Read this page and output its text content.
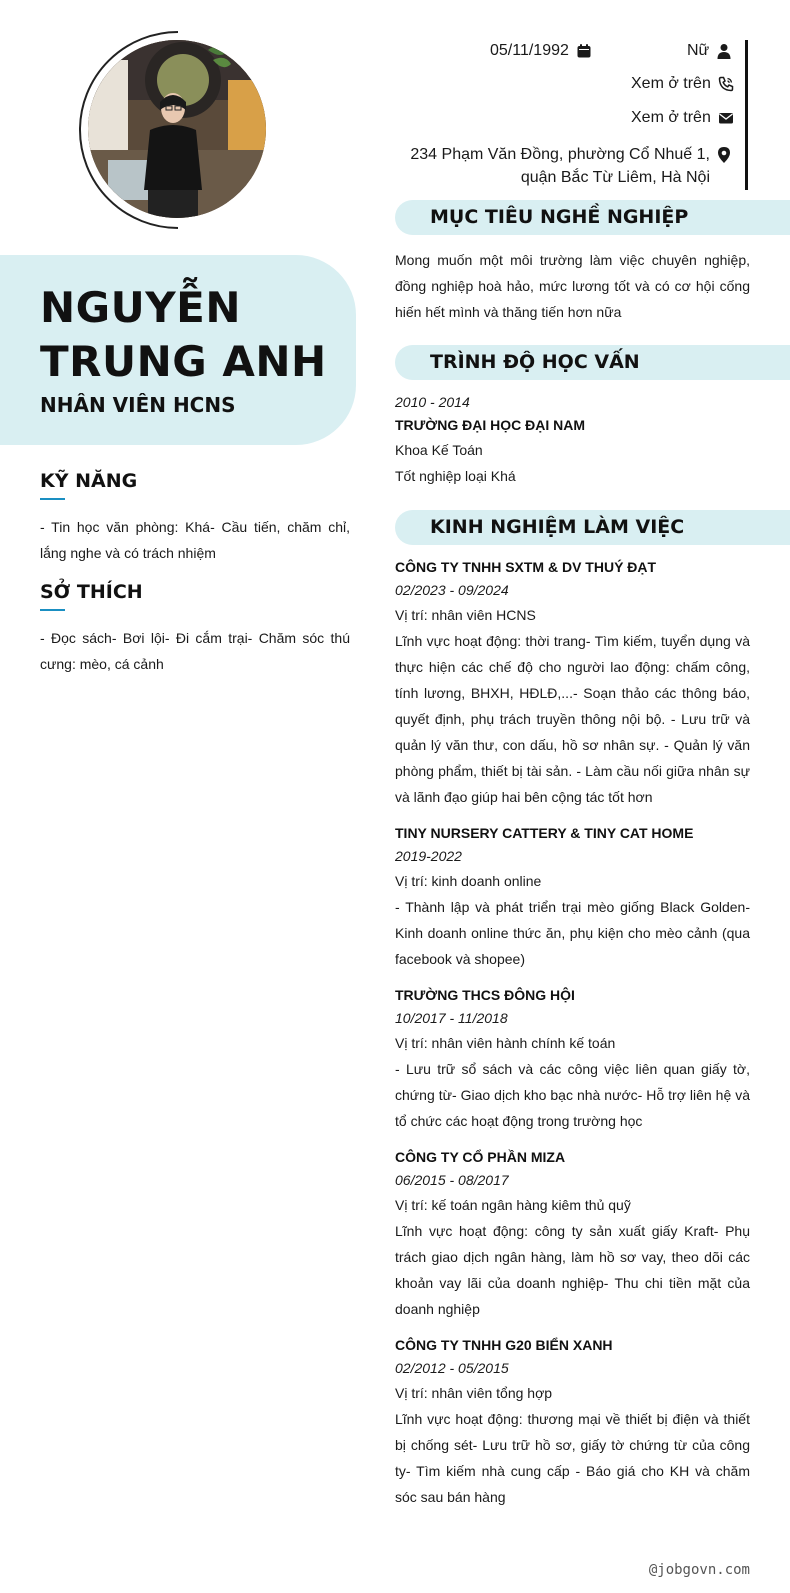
NGUYỄN
TRUNG ANH
NHÂN VIÊN HCNS
KỸ NĂNG
- Tin học văn phòng: Khá- Cầu tiến, chăm chỉ, lắng nghe và có trách nhiệm
SỞ THÍCH
- Đọc sách- Bơi lội- Đi cắm trại- Chăm sóc thú cưng: mèo, cá cảnh
05/11/1992	Nữ
Xem ở trên
Xem ở trên
234 Phạm Văn Đồng, phường Cổ Nhuế 1,
quận Bắc Từ Liêm, Hà Nội
MỤC TIÊU NGHỀ NGHIỆP
Mong muốn một môi trường làm việc chuyên nghiệp, đồng nghiệp hoà hảo, mức lương tốt và có cơ hội cống hiến hết mình và thăng tiến hơn nữa
TRÌNH ĐỘ HỌC VẤN
2010 - 2014
TRƯỜNG ĐẠI HỌC ĐẠI NAM
Khoa Kế Toán
Tốt nghiệp loại Khá
KINH NGHIỆM LÀM VIỆC
CÔNG TY TNHH SXTM & DV THUÝ ĐẠT
02/2023 - 09/2024
Vị trí: nhân viên HCNS
Lĩnh vực hoạt động: thời trang- Tìm kiếm, tuyển dụng và thực hiện các chế độ cho người lao động: chấm công, tính lương, BHXH, HĐLĐ,...- Soạn thảo các thông báo, quyết định, phụ trách truyền thông nội bộ. - Lưu trữ và quản lý văn thư, con dấu, hồ sơ nhân sự. - Quản lý văn phòng phẩm, thiết bị tài sản. - Làm cầu nối giữa nhân sự và lãnh đạo giúp hai bên cộng tác tốt hơn
TINY NURSERY CATTERY & TINY CAT HOME
2019-2022
Vị trí: kinh doanh online
- Thành lập và phát triển trại mèo giống Black Golden- Kinh doanh online thức ăn, phụ kiện cho mèo cảnh (qua facebook và shopee)
TRƯỜNG THCS ĐÔNG HỘI
10/2017 - 11/2018
Vị trí: nhân viên hành chính kế toán
- Lưu trữ sổ sách và các công việc liên quan giấy tờ, chứng từ- Giao dịch kho bạc nhà nước- Hỗ trợ liên hệ và tổ chức các hoạt động trong trường học
CÔNG TY CỔ PHẦN MIZA
06/2015 - 08/2017
Vị trí: kế toán ngân hàng kiêm thủ quỹ
Lĩnh vực hoạt động: công ty sản xuất giấy Kraft- Phụ trách giao dịch ngân hàng, làm hồ sơ vay, theo dõi các khoản vay lãi của doanh nghiệp- Thu chi tiền mặt của doanh nghiệp
CÔNG TY TNHH G20 BIỂN XANH
02/2012 - 05/2015
Vị trí: nhân viên tổng hợp
Lĩnh vực hoạt động: thương mại về thiết bị điện và thiết bị chống sét- Lưu trữ hồ sơ, giấy tờ chứng từ của công ty- Tìm kiếm nhà cung cấp - Báo giá cho KH và chăm sóc sau bán hàng
@jobgovn.com
